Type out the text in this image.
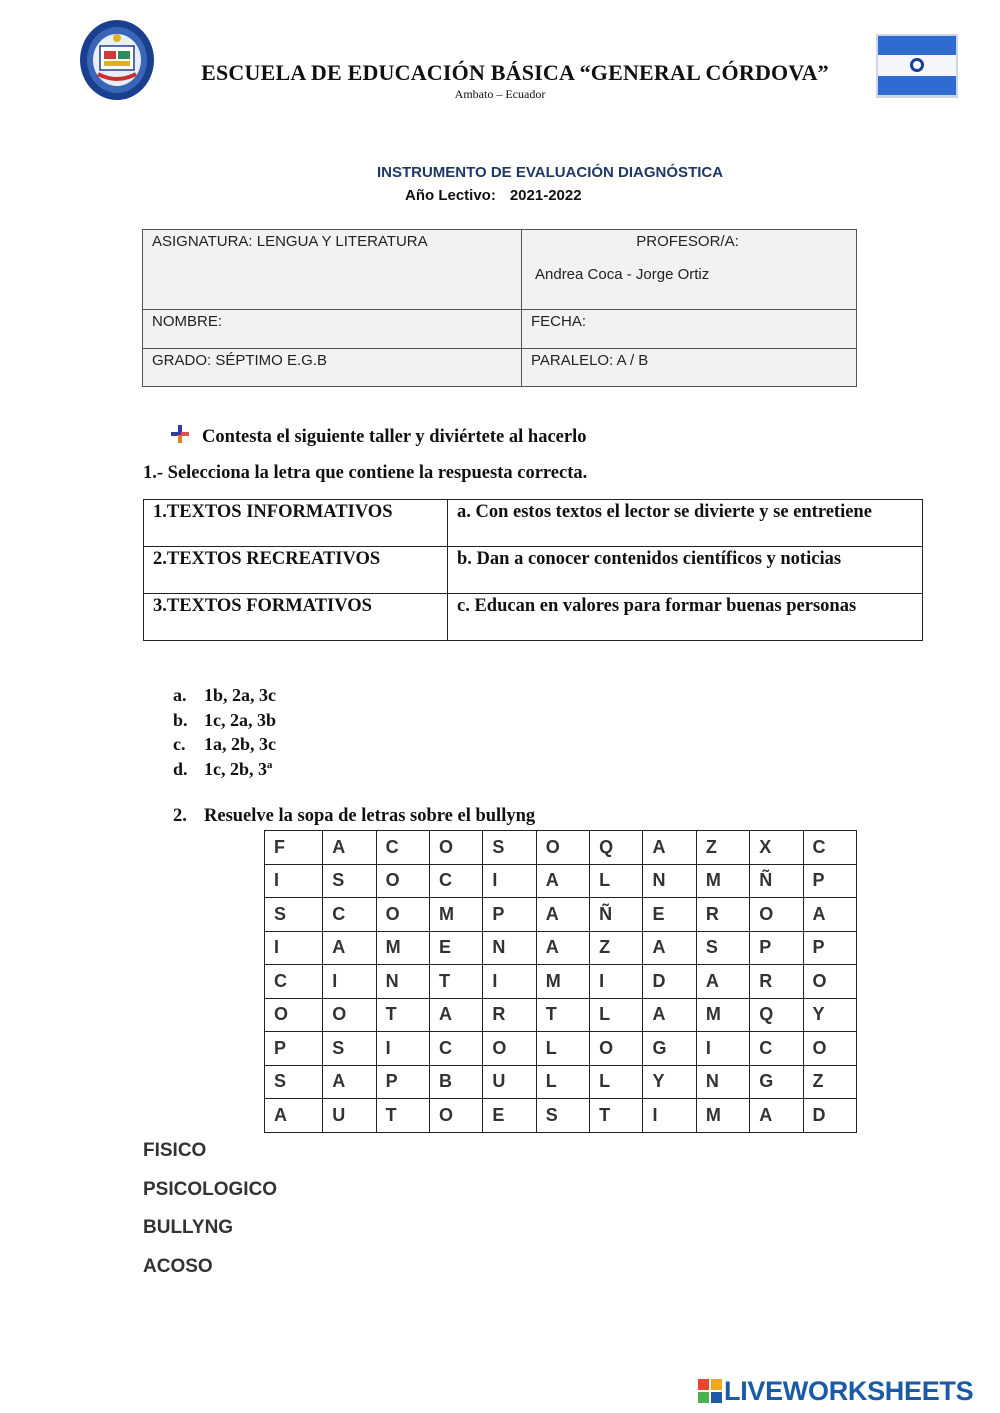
ESCUELA DE EDUCACIÓN BÁSICA “GENERAL CÓRDOVA”
Ambato – Ecuador
INSTRUMENTO DE EVALUACIÓN DIAGNÓSTICA
Año Lectivo: 2021-2022
ASIGNATURA: LENGUA Y LITERATURA	PROFESOR/A:
Andrea Coca - Jorge Ortiz

NOMBRE:	FECHA:
GRADO: SÉPTIMO E.G.B	PARALELO: A / B
Contesta el siguiente taller y diviértete al hacerlo
1.- Selecciona la letra que contiene la respuesta correcta.
1.TEXTOS INFORMATIVOS	a. Con estos textos el lector se divierte y se entretiene
2.TEXTOS RECREATIVOS	b. Dan a conocer contenidos científicos y noticias
3.TEXTOS FORMATIVOS	c. Educan en valores para formar buenas personas
a. 1b, 2a, 3c
b. 1c, 2a, 3b
c. 1a, 2b, 3c
d. 1c, 2b, 3ª
2. Resuelve la sopa de letras sobre el bullyng
F	A	C	O	S	O	Q	A	Z	X	C
I	S	O	C	I	A	L	N	M	Ñ	P
S	C	O	M	P	A	Ñ	E	R	O	A
I	A	M	E	N	A	Z	A	S	P	P
C	I	N	T	I	M	I	D	A	R	O
O	O	T	A	R	T	L	A	M	Q	Y
P	S	I	C	O	L	O	G	I	C	O
S	A	P	B	U	L	L	Y	N	G	Z
A	U	T	O	E	S	T	I	M	A	D
FISICO
PSICOLOGICO
BULLYNG
ACOSO
LIVEWORKSHEETS
